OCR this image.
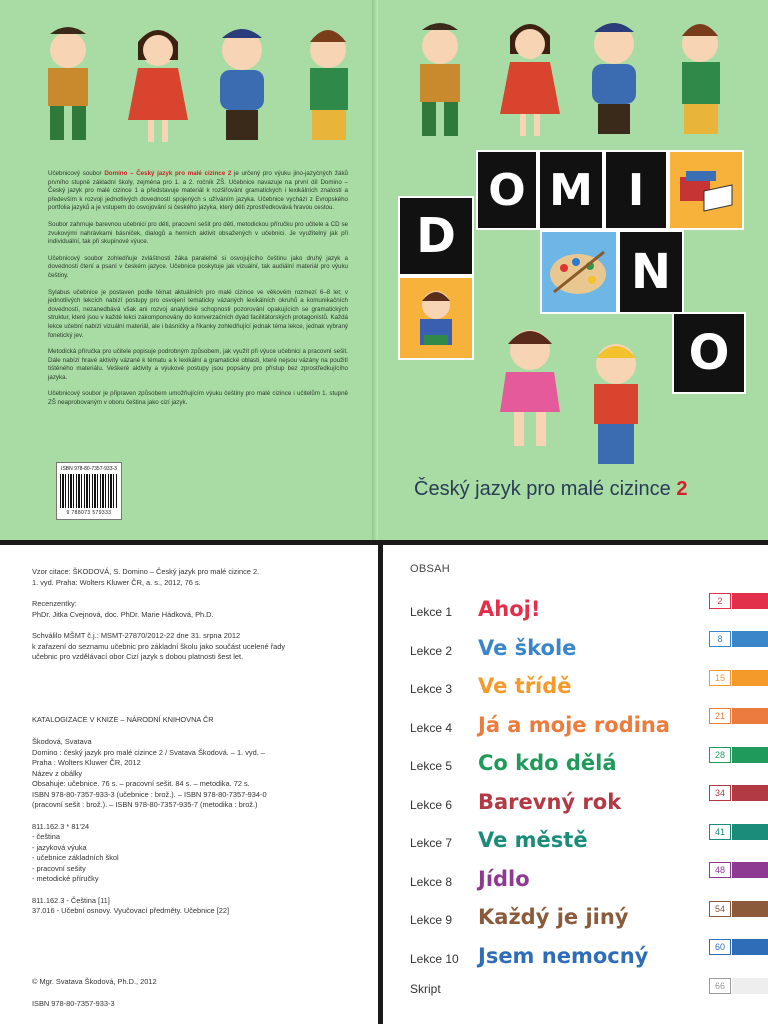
Učebnicový soubor Domino – Český jazyk pro malé cizince 2 je určený pro výuku jino-jazyčných žáků prvního stupně základní školy, zejména pro 1. a 2. ročník ZŠ. Učebnice navazuje na první díl Domino – Český jazyk pro malé cizince 1 a představuje materiál k rozšiřování gramatických i lexikálních znalostí a především k rozvoji jednotlivých dovedností spojených s užíváním jazyka. Učebnice vychází z Evropského portfolia jazyků a je vstupem do osvojování si českého jazyka, který děti zprostředkovává hravou cestou.

Soubor zahrnuje barevnou učebnici pro děti, pracovní sešit pro děti, metodickou příručku pro učitele a CD se zvukovými nahrávkami básniček, dialogů a herních aktivit obsažených v učebnici. Je využitelný jak při individuální, tak při skupinové výuce.

Učebnicový soubor zohledňuje zvláštnosti žáka paralelně si osvojujícího češtinu jako druhý jazyk a dovednosti čtení a psaní v českém jazyce. Učebnice poskytuje jak vizuální, tak audiální materiál pro výuku češtiny.

Sylabus učebnice je postaven podle témat aktuálních pro malé cizince ve věkovém rozmezí 6–8 let; v jednotlivých lekcích nabízí postupy pro osvojení tematicky vázaných lexikálních okruhů a komunikačních dovedností, nezanedbává však ani rozvoj analytické schopnosti pozorování opakujících se gramatických struktur, které jsou v každé lekci zakomponovány do konverzačních dyád facilitátorských protagonistů. Každá lekce učební nabízí vizuální materiál, ale i básničky a říkanky zohledňující jednak téma lekce, jednak vybraný fonetický jev.

Metodická příručka pro učitele popisuje podrobným způsobem, jak využít při výuce učebnici a pracovní sešit. Dále nabízí hravé aktivity vázané k tématu a k lexikální a gramatické oblasti, které nejsou vázány na použití tištěného materiálu. Veškeré aktivity a výukové postupy jsou popsány pro přístup bez zprostředkujícího jazyka.

Učebnicový soubor je připraven způsobem umožňujícím výuku češtiny pro malé cizince i učitelům 1. stupně ZŠ neaprobovaným v oboru čeština jako cizí jazyk.

ISBN 978-80-7357-933-3
9 788073 579333
O M I
D
N
O
Český jazyk pro malé cizince 2
Vzor citace: ŠKODOVÁ, S. Domino – Český jazyk pro malé cizince 2.
1. vyd. Praha: Wolters Kluwer ČR, a. s., 2012, 76 s.
Recenzentky:
PhDr. Jitka Cvejnová, doc. PhDr. Marie Hádková, Ph.D.
Schválilo MŠMT č.j.: MSMT-27870/2012-22 dne 31. srpna 2012
k zařazení do seznamu učebnic pro základní školu jako součást ucelené řady
učebnic pro vzdělávací obor Cizí jazyk s dobou platnosti šest let.
KATALOGIZACE V KNIZE – NÁRODNÍ KNIHOVNA ČR
Škodová, Svatava
Domino : český jazyk pro malé cizince 2 / Svatava Škodová. – 1. vyd. –
Praha : Wolters Kluwer ČR, 2012
Název z obálky
Obsahuje: učebnice. 76 s. – pracovní sešit. 84 s. – metodika. 72 s.
ISBN 978-80-7357-933-3 (učebnice : brož.). – ISBN 978-80-7357-934-0
(pracovní sešit : brož.). – ISBN 978-80-7357-935-7 (metodika : brož.)
811.162.3 * 81'24
- čeština
- jazyková výuka
- učebnice základních škol
- pracovní sešity
- metodické příručky
811.162.3 - Čeština [11]
37.016 - Učební osnovy. Vyučovací předměty. Učebnice [22]
© Mgr. Svatava Škodová, Ph.D., 2012
ISBN 978-80-7357-933-3
OBSAH
Lekce 1	Ahoj!	2
Lekce 2	Ve škole	8
Lekce 3	Ve třídě	15
Lekce 4	Já a moje rodina	21
Lekce 5	Co kdo dělá	28
Lekce 6	Barevný rok	34
Lekce 7	Ve městě	41
Lekce 8	Jídlo	48
Lekce 9	Každý je jiný	54
Lekce 10 Jsem nemocný	60
Skript	66
